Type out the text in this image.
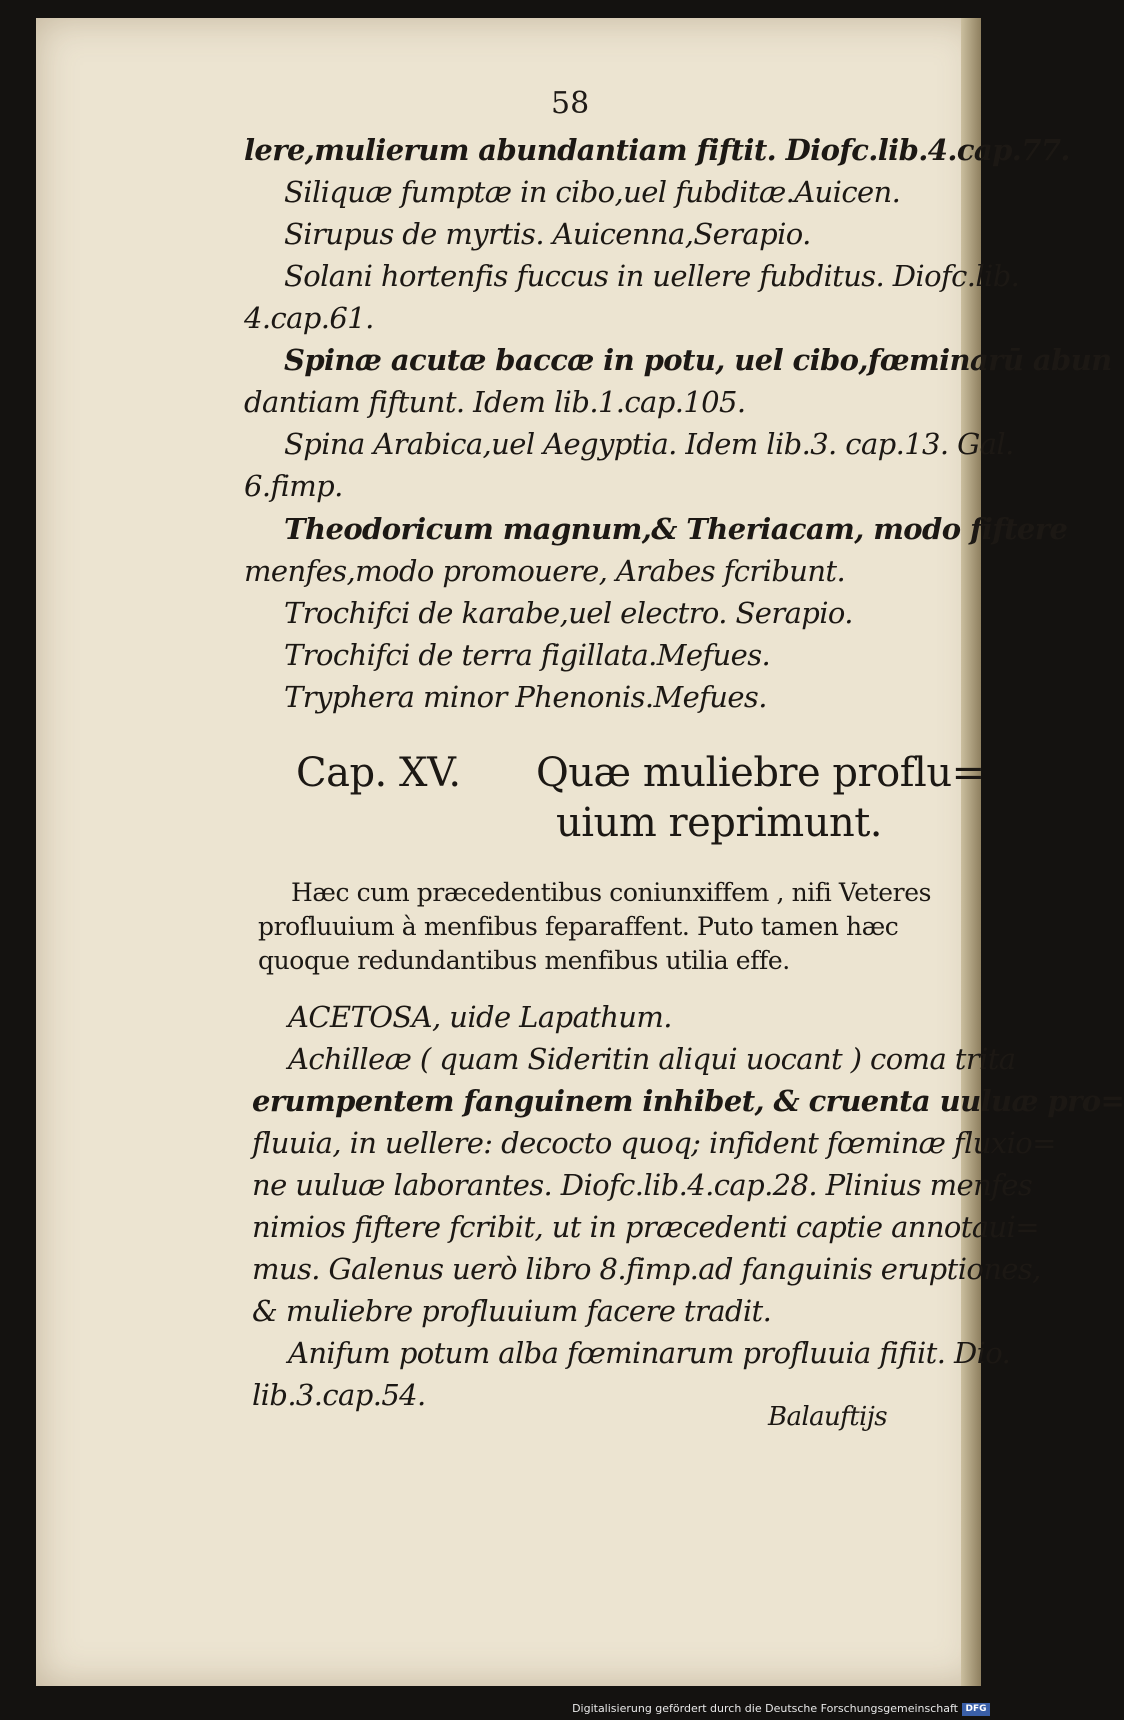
58
lere,mulierum abundantiam fiftit. Diofc.lib.4.cap.77.
Siliquæ fumptæ in cibo,uel fubditæ.Auicen.
Sirupus de myrtis. Auicenna,Serapio.
Solani hortenfis fuccus in uellere fubditus. Diofc.lib.
4.cap.61.
Spinæ acutæ baccæ in potu, uel cibo,fœminarū abun
dantiam fiftunt. Idem lib.1.cap.105.
Spina Arabica,uel Aegyptia. Idem lib.3. cap.13. Gal.
6.fimp.
Theodoricum magnum,& Theriacam, modo fiftere
menfes,modo promouere, Arabes fcribunt.
Trochifci de karabe,uel electro. Serapio.
Trochifci de terra figillata.Mefues.
Tryphera minor Phenonis.Mefues.
Cap. XV. Quæ muliebre proflu=
uium reprimunt.
Hæc cum præcedentibus coniunxiffem , nifi Veteres
profluuium à menfibus feparaffent. Puto tamen hæc
quoque redundantibus menfibus utilia effe.
ACETOSA, uide Lapathum.
Achilleæ ( quam Sideritin aliqui uocant ) coma trita
erumpentem fanguinem inhibet, & cruenta uuluæ pro=
fluuia, in uellere: decocto quoq; infident fœminæ fluxio=
ne uuluæ laborantes. Diofc.lib.4.cap.28. Plinius menfes
nimios fiftere fcribit, ut in præcedenti captie annotaui=
mus. Galenus uerò libro 8.fimp.ad fanguinis eruptiones,
& muliebre profluuium facere tradit.
Anifum potum alba fœminarum profluuia fifiit. Dio.
lib.3.cap.54.
Balauftijs
Digitalisierung gefördert durch die Deutsche Forschungsgemeinschaft DFG
